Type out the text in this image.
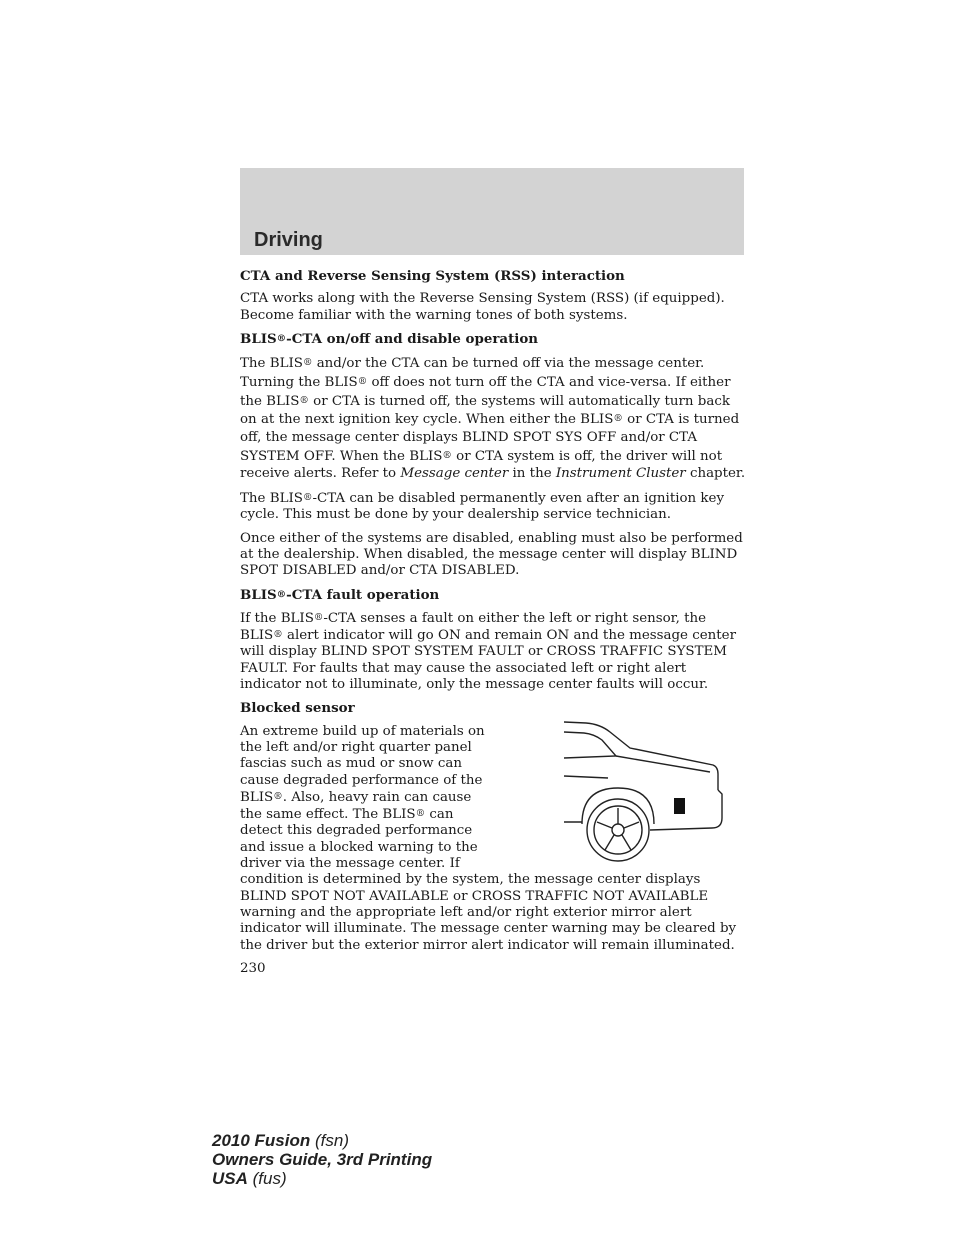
Driving
CTA and Reverse Sensing System (RSS) interaction

CTA works along with the Reverse Sensing System (RSS) (if equipped). Become familiar with the warning tones of both systems.

BLIS®-CTA on/off and disable operation

The BLIS® and/or the CTA can be turned off via the message center. Turning the BLIS® off does not turn off the CTA and vice-versa. If either the BLIS® or CTA is turned off, the systems will automatically turn back on at the next ignition key cycle. When either the BLIS® or CTA is turned off, the message center displays BLIND SPOT SYS OFF and/or CTA SYSTEM OFF. When the BLIS® or CTA system is off, the driver will not receive alerts. Refer to Message center in the Instrument Cluster chapter.

The BLIS®-CTA can be disabled permanently even after an ignition key cycle. This must be done by your dealership service technician.

Once either of the systems are disabled, enabling must also be performed at the dealership. When disabled, the message center will display BLIND SPOT DISABLED and/or CTA DISABLED.

BLIS®-CTA fault operation

If the BLIS®-CTA senses a fault on either the left or right sensor, the BLIS® alert indicator will go ON and remain ON and the message center will display BLIND SPOT SYSTEM FAULT or CROSS TRAFFIC SYSTEM FAULT. For faults that may cause the associated left or right alert indicator not to illuminate, only the message center faults will occur.

Blocked sensor

An extreme build up of materials on the left and/or right quarter panel fascias such as mud or snow can cause degraded performance of the BLIS®. Also, heavy rain can cause the same effect. The BLIS® can detect this degraded performance and issue a blocked warning to the driver via the message center. If condition is determined by the system, the message center displays BLIND SPOT NOT AVAILABLE or CROSS TRAFFIC NOT AVAILABLE warning and the appropriate left and/or right exterior mirror alert indicator will illuminate. The message center warning may be cleared by the driver but the exterior mirror alert indicator will remain illuminated.

230

2010 Fusion (fsn)
Owners Guide, 3rd Printing
USA (fus)
